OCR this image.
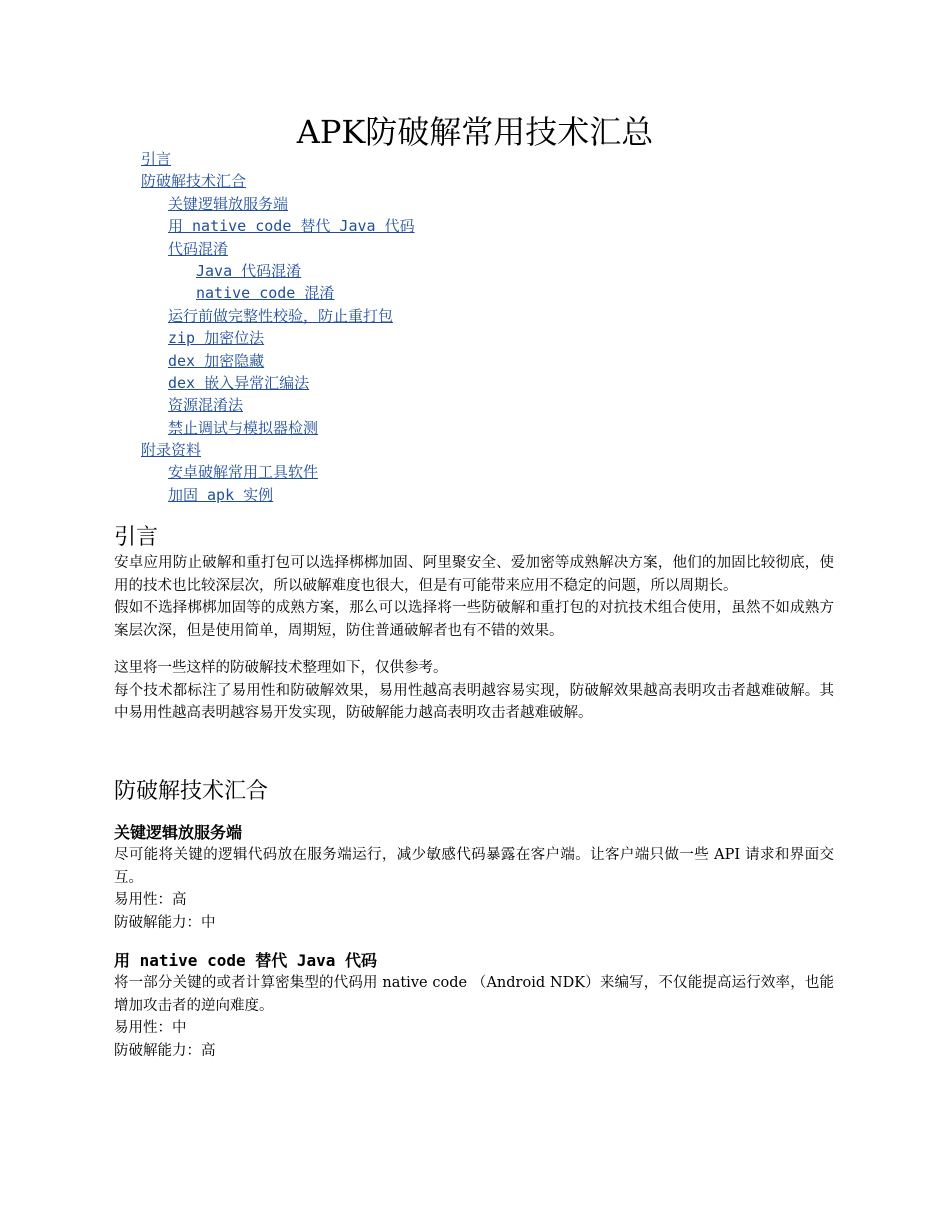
APK防破解常用技术汇总
引言
防破解技术汇合
关键逻辑放服务端
用 native code 替代 Java 代码
代码混淆
Java 代码混淆
native code 混淆
运行前做完整性校验，防止重打包
zip 加密位法
dex 加密隐藏
dex 嵌入异常汇编法
资源混淆法
禁止调试与模拟器检测
附录资料
安卓破解常用工具软件
加固 apk 实例
引言
安卓应用防止破解和重打包可以选择梆梆加固、阿里聚安全、爱加密等成熟解决方案，他们的加固比较彻底，使用的技术也比较深层次，所以破解难度也很大，但是有可能带来应用不稳定的问题，所以周期长。
假如不选择梆梆加固等的成熟方案，那么可以选择将一些防破解和重打包的对抗技术组合使用，虽然不如成熟方案层次深，但是使用简单，周期短，防住普通破解者也有不错的效果。
这里将一些这样的防破解技术整理如下，仅供参考。
每个技术都标注了易用性和防破解效果，易用性越高表明越容易实现，防破解效果越高表明攻击者越难破解。其中易用性越高表明越容易开发实现，防破解能力越高表明攻击者越难破解。
防破解技术汇合
关键逻辑放服务端
尽可能将关键的逻辑代码放在服务端运行，减少敏感代码暴露在客户端。让客户端只做一些 API 请求和界面交互。
易用性：高
防破解能力：中
用 native code 替代 Java 代码
将一部分关键的或者计算密集型的代码用 native code （Android NDK）来编写，不仅能提高运行效率，也能增加攻击者的逆向难度。
易用性：中
防破解能力：高
